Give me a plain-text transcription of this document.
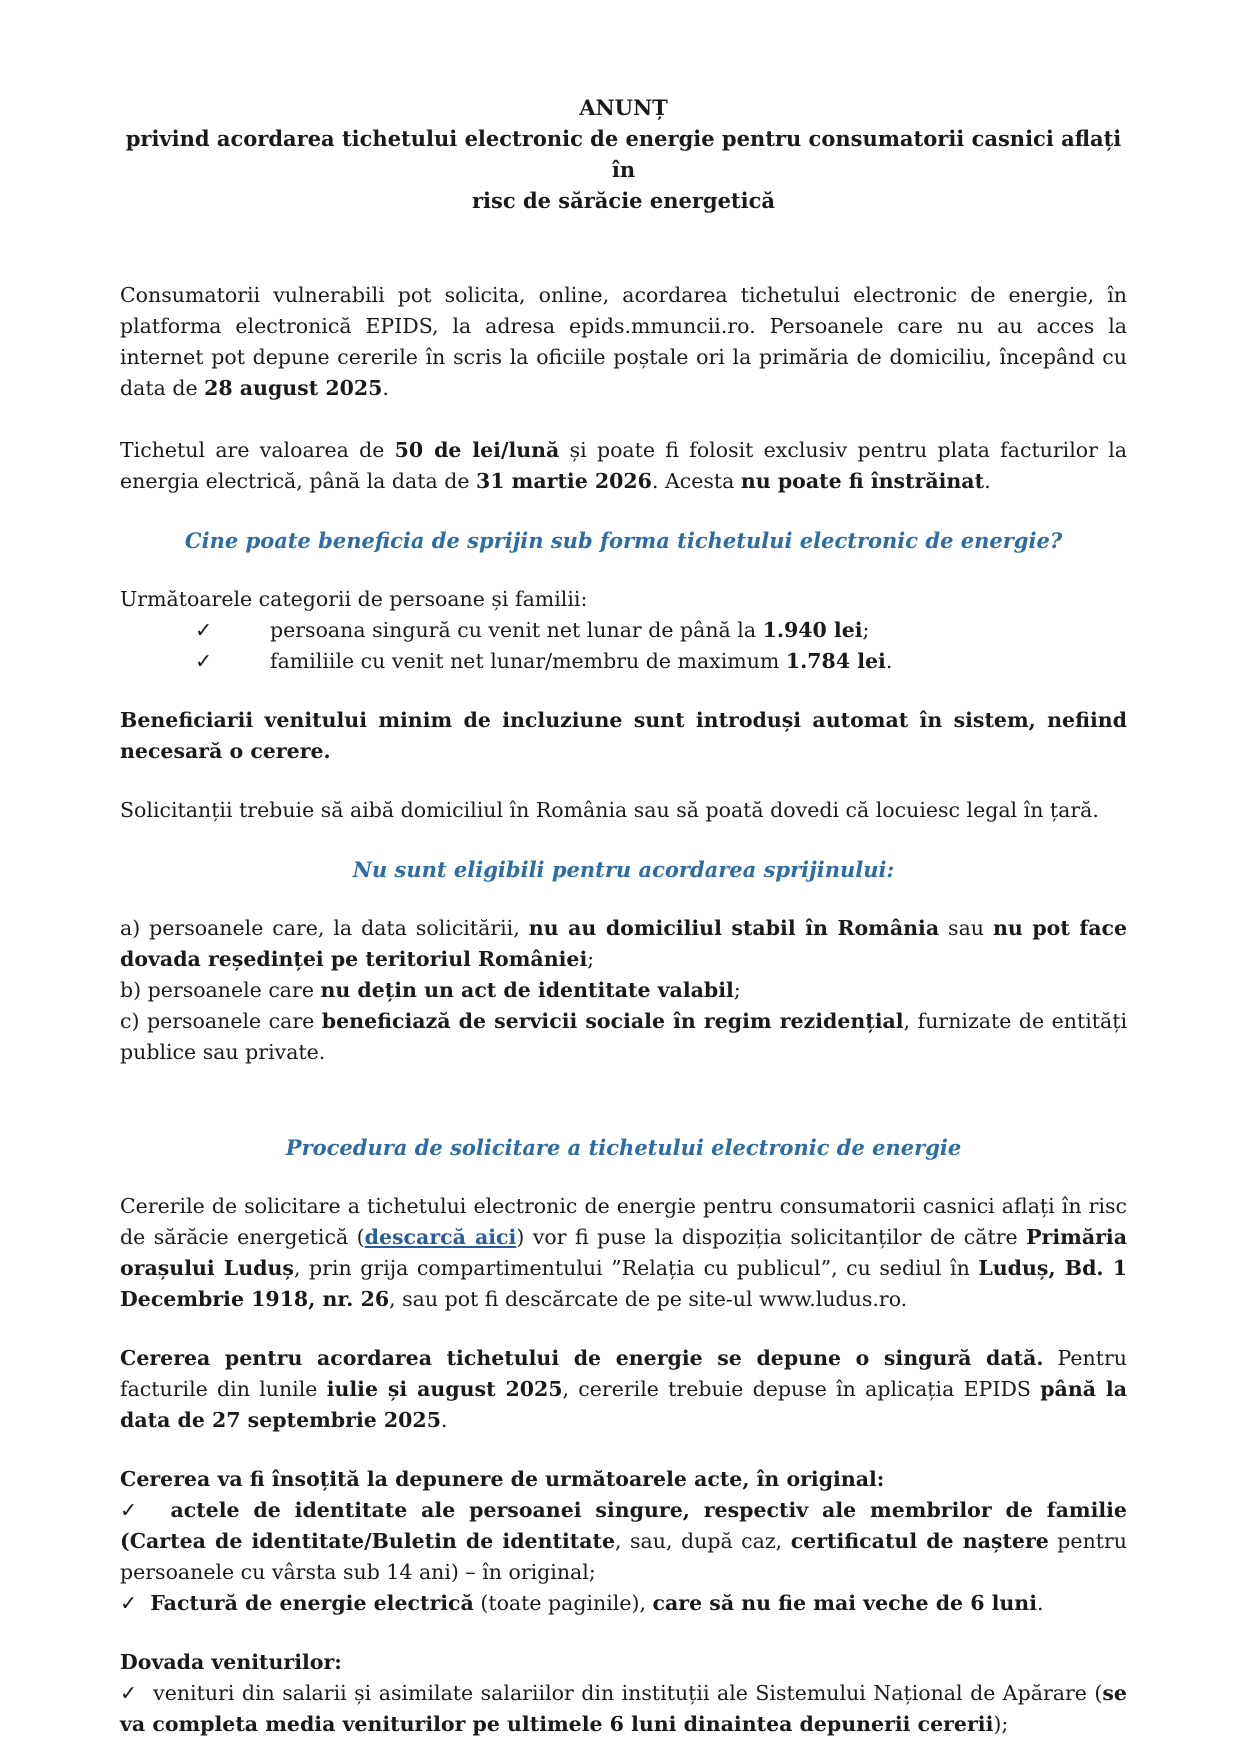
ANUNȚ

privind acordarea tichetului electronic de energie pentru consumatorii casnici aflați în
risc de sărăcie energetică

Consumatorii vulnerabili pot solicita, online, acordarea tichetului electronic de energie, în platforma electronică EPIDS, la adresa epids.mmuncii.ro. Persoanele care nu au acces la internet pot depune cererile în scris la oficiile poștale ori la primăria de domiciliu, începând cu data de 28 august 2025.

Tichetul are valoarea de 50 de lei/lună și poate fi folosit exclusiv pentru plata facturilor la energia electrică, până la data de 31 martie 2026. Acesta nu poate fi înstrăinat.

Cine poate beneficia de sprijin sub forma tichetului electronic de energie?

Următoarele categorii de persoane și familii:

✓	persoana singură cu venit net lunar de până la 1.940 lei;
✓	familiile cu venit net lunar/membru de maximum 1.784 lei.

Beneficiarii venitului minim de incluziune sunt introduși automat în sistem, nefiind necesară o cerere.

Solicitanții trebuie să aibă domiciliul în România sau să poată dovedi că locuiesc legal în țară.

Nu sunt eligibili pentru acordarea sprijinului:

a) persoanele care, la data solicitării, nu au domiciliul stabil în România sau nu pot face dovada reședinței pe teritoriul României;

b) persoanele care nu dețin un act de identitate valabil;

c) persoanele care beneficiază de servicii sociale în regim rezidențial, furnizate de entități publice sau private.

Procedura de solicitare a tichetului electronic de energie

Cererile de solicitare a tichetului electronic de energie pentru consumatorii casnici aflați în risc de sărăcie energetică (descarcă aici) vor fi puse la dispoziția solicitanților de către Primăria orașului Luduș, prin grija compartimentului ”Relația cu publicul”, cu sediul în Luduș, Bd. 1 Decembrie 1918, nr. 26, sau pot fi descărcate de pe site-ul www.ludus.ro.

Cererea pentru acordarea tichetului de energie se depune o singură dată. Pentru facturile din lunile iulie și august 2025, cererile trebuie depuse în aplicația EPIDS până la data de 27 septembrie 2025.

Cererea va fi însoțită la depunere de următoarele acte, în original:

✓ actele de identitate ale persoanei singure, respectiv ale membrilor de familie (Cartea de identitate/Buletin de identitate, sau, după caz, certificatul de naștere pentru persoanele cu vârsta sub 14 ani) – în original;

✓ Factură de energie electrică (toate paginile), care să nu fie mai veche de 6 luni.

Dovada veniturilor:

✓ venituri din salarii și asimilate salariilor din instituții ale Sistemului Național de Apărare (se va completa media veniturilor pe ultimele 6 luni dinaintea depunerii cererii);
